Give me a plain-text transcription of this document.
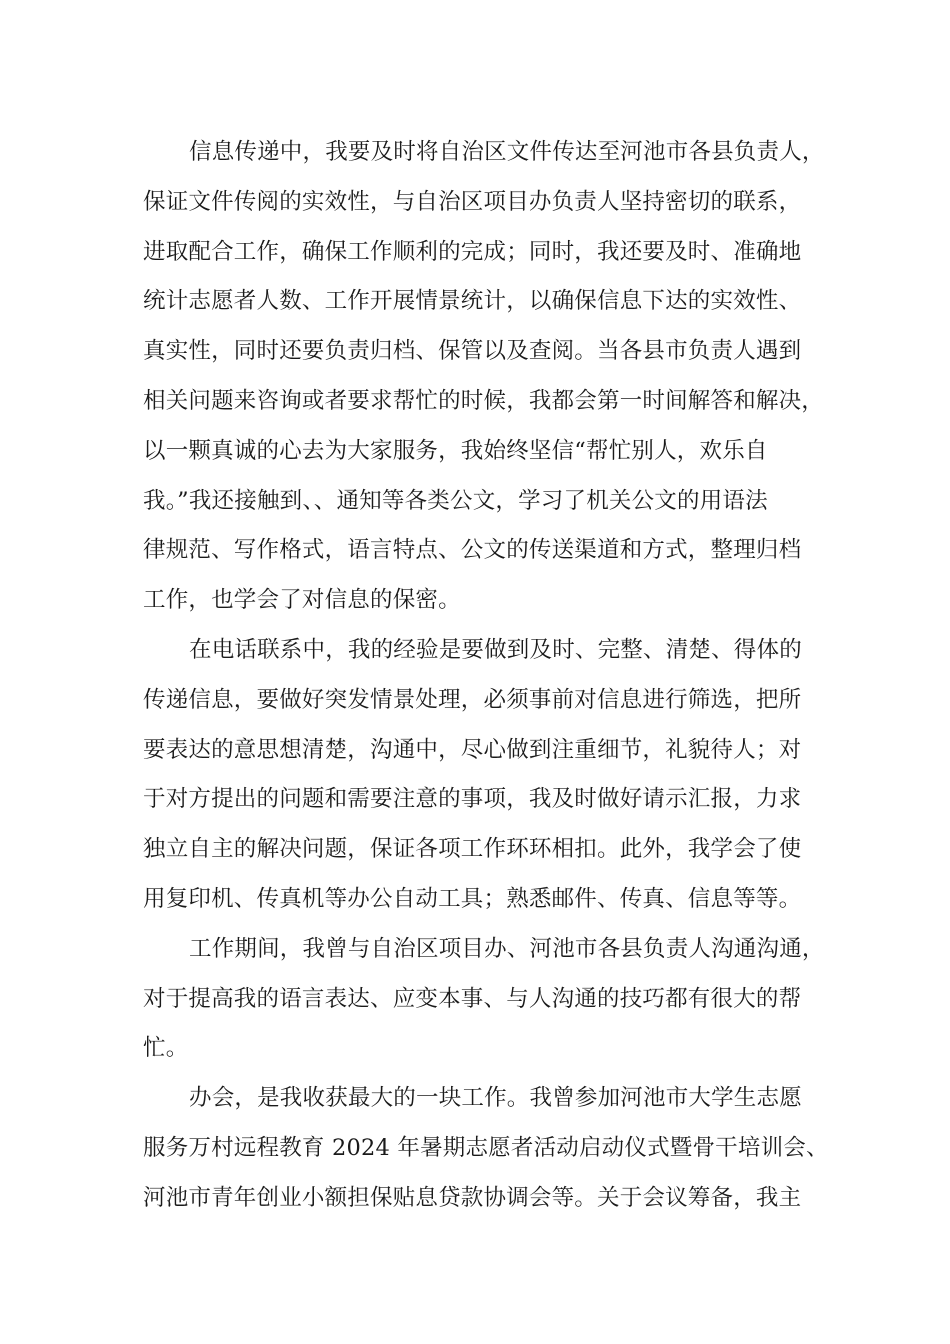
信息传递中，我要及时将自治区文件传达至河池市各县负责人，
保证文件传阅的实效性，与自治区项目办负责人坚持密切的联系，
进取配合工作，确保工作顺利的完成；同时，我还要及时、准确地
统计志愿者人数、工作开展情景统计，以确保信息下达的实效性、
真实性，同时还要负责归档、保管以及查阅。当各县市负责人遇到
相关问题来咨询或者要求帮忙的时候，我都会第一时间解答和解决，
以一颗真诚的心去为大家服务，我始终坚信“帮忙别人，欢乐自
我。”我还接触到、、通知等各类公文，学习了机关公文的用语法
律规范、写作格式，语言特点、公文的传送渠道和方式，整理归档
工作，也学会了对信息的保密。

在电话联系中，我的经验是要做到及时、完整、清楚、得体的
传递信息，要做好突发情景处理，必须事前对信息进行筛选，把所
要表达的意思想清楚，沟通中，尽心做到注重细节，礼貌待人；对
于对方提出的问题和需要注意的事项，我及时做好请示汇报，力求
独立自主的解决问题，保证各项工作环环相扣。此外，我学会了使
用复印机、传真机等办公自动工具；熟悉邮件、传真、信息等等。

工作期间，我曾与自治区项目办、河池市各县负责人沟通沟通，
对于提高我的语言表达、应变本事、与人沟通的技巧都有很大的帮
忙。

办会，是我收获最大的一块工作。我曾参加河池市大学生志愿
服务万村远程教育 2024 年暑期志愿者活动启动仪式暨骨干培训会、
河池市青年创业小额担保贴息贷款协调会等。关于会议筹备，我主
